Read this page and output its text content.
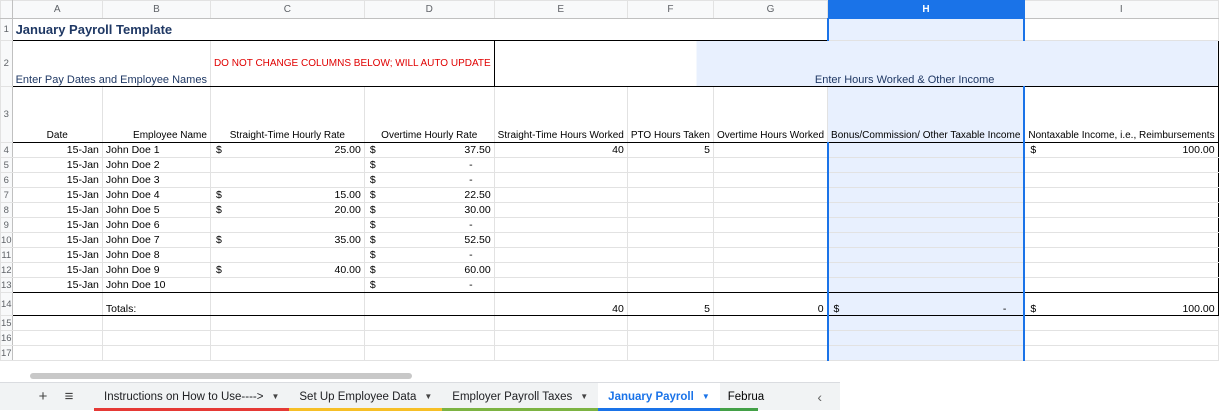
	A	B	C	D	E	F	G	H	I
1	January Payroll Template								
2	Enter Pay Dates and Employee Names		DO NOT CHANGE COLUMNS BELOW; WILL AUTO UPDATE		Enter Hours Worked & Other Income				
3	Date	Employee Name	Straight-Time Hourly Rate	Overtime Hourly Rate	Straight-Time Hours Worked	PTO Hours Taken	Overtime Hours Worked	Bonus/Commission/ Other Taxable Income	Nontaxable Income, i.e., Reimbursements
4	15-Jan	John Doe 1	$ 25.00	$ 37.50	40	5			$ 100.00

5	15-Jan	John Doe 2		$ -					

6	15-Jan	John Doe 3		$ -					

7	15-Jan	John Doe 4	$ 15.00	$ 22.50					

8	15-Jan	John Doe 5	$ 20.00	$ 30.00					

9	15-Jan	John Doe 6		$ -					

10	15-Jan	John Doe 7	$ 35.00	$ 52.50					

11	15-Jan	John Doe 8		$ -					

12	15-Jan	John Doe 9	$ 40.00	$ 60.00					

13	15-Jan	John Doe 10		$ -					

14		Totals:			40	5	0	$ -	$ 100.00

15									
16									
17									
+	≡	Instructions on How to Use----> ▼ Set Up Employee Data ▼ Employer Payroll Taxes ▼ January Payroll ▼ Februa	‹
